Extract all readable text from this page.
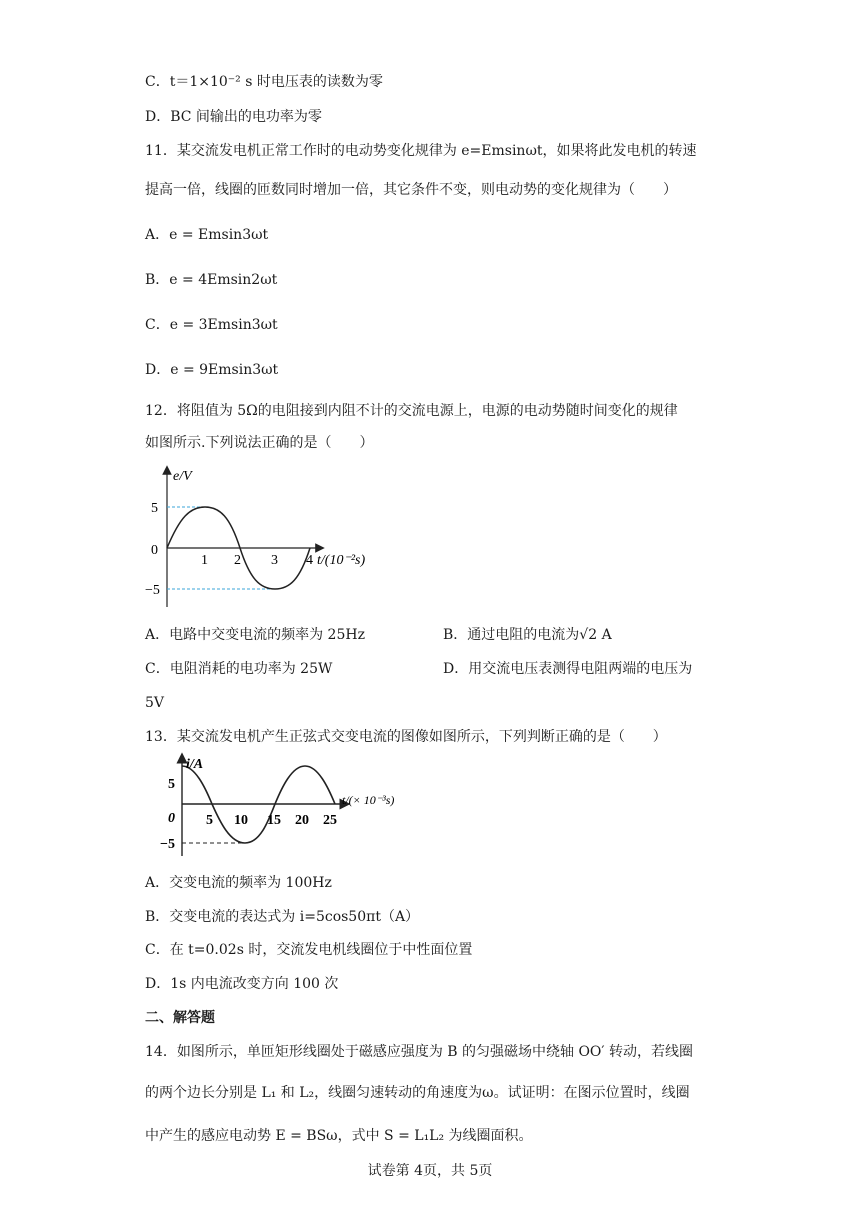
C．t＝1×10⁻² s 时电压表的读数为零
D．BC 间输出的电功率为零
11．某交流发电机正常工作时的电动势变化规律为 e=Emsinωt，如果将此发电机的转速
提高一倍，线圈的匝数同时增加一倍，其它条件不变，则电动势的变化规律为（　　）
A．e = Emsin3ωt
B．e = 4Emsin2ωt
C．e = 3Emsin3ωt
D．e = 9Emsin3ωt
12．将阻值为 5Ω的电阻接到内阻不计的交流电源上，电源的电动势随时间变化的规律
如图所示.下列说法正确的是（　　）
e/V
5
0
−5
1 2 3 4 t/(10⁻²s)
A．电路中交变电流的频率为 25Hz	B．通过电阻的电流为√2 A
C．电阻消耗的电功率为 25W	D．用交流电压表测得电阻两端的电压为
5V
13．某交流发电机产生正弦式交变电流的图像如图所示，下列判断正确的是（　　）
i/A
5
0
−5
5 10 15 20 25
t/(× 10⁻³s)
A．交变电流的频率为 100Hz
B．交变电流的表达式为 i=5cos50πt（A）
C．在 t=0.02s 时，交流发电机线圈位于中性面位置
D．1s 内电流改变方向 100 次
二、解答题
14．如图所示，单匝矩形线圈处于磁感应强度为 B 的匀强磁场中绕轴 OO′ 转动，若线圈
的两个边长分别是 L₁ 和 L₂，线圈匀速转动的角速度为ω。试证明：在图示位置时，线圈
中产生的感应电动势 E = BSω，式中 S = L₁L₂ 为线圈面积。
试卷第 4页，共 5页
